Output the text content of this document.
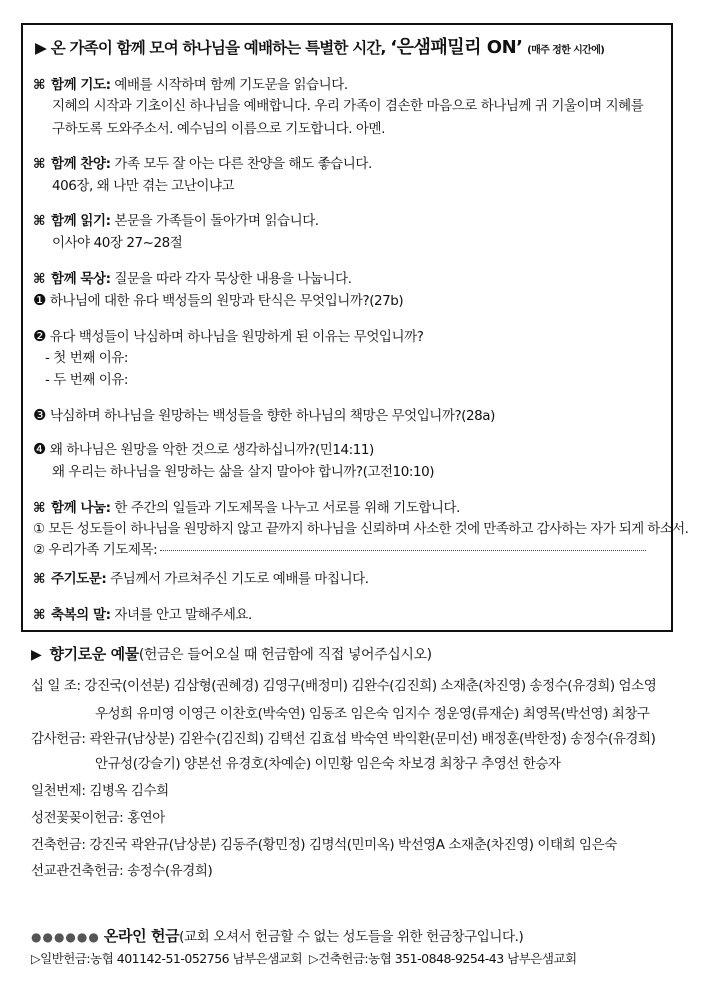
▶ 온 가족이 함께 모여 하나님을 예배하는 특별한 시간, ‘은샘패밀리 ON’ (매주 정한 시간에)
⌘ 함께 기도: 예배를 시작하며 함께 기도문을 읽습니다.
지혜의 시작과 기초이신 하나님을 예배합니다. 우리 가족이 겸손한 마음으로 하나님께 귀 기울이며 지혜를
구하도록 도와주소서. 예수님의 이름으로 기도합니다. 아멘.
⌘ 함께 찬양: 가족 모두 잘 아는 다른 찬양을 해도 좋습니다.
406장, 왜 나만 겪는 고난이냐고
⌘ 함께 읽기: 본문을 가족들이 돌아가며 읽습니다.
이사야 40장 27~28절
⌘ 함께 묵상: 질문을 따라 각자 묵상한 내용을 나눕니다.
❶ 하나님에 대한 유다 백성들의 원망과 탄식은 무엇입니까?(27b)
❷ 유다 백성들이 낙심하며 하나님을 원망하게 된 이유는 무엇입니까?
- 첫 번째 이유:
- 두 번째 이유:
❸ 낙심하며 하나님을 원망하는 백성들을 향한 하나님의 책망은 무엇입니까?(28a)
❹ 왜 하나님은 원망을 악한 것으로 생각하십니까?(민14:11)
왜 우리는 하나님을 원망하는 삶을 살지 말아야 합니까?(고전10:10)
⌘ 함께 나눔: 한 주간의 일들과 기도제목을 나누고 서로를 위해 기도합니다.
① 모든 성도들이 하나님을 원망하지 않고 끝까지 하나님을 신뢰하며 사소한 것에 만족하고 감사하는 자가 되게 하소서.
② 우리가족 기도제목:
⌘ 주기도문: 주님께서 가르쳐주신 기도로 예배를 마칩니다.
⌘ 축복의 말: 자녀를 안고 말해주세요.
▶ 향기로운 예물(헌금은 들어오실 때 헌금함에 직접 넣어주십시오)
십 일 조: 강진국(이선분) 김삼형(권혜경) 김영구(배정미) 김완수(김진희) 소재춘(차진영) 송정수(유경희) 엄소영
우성희 유미영 이영근 이찬호(박숙연) 임동조 임은숙 임지수 정운영(류재순) 최영목(박선영) 최창구
감사헌금: 곽완규(남상분) 김완수(김진희) 김택선 김효섭 박숙연 박익환(문미선) 배정훈(박한정) 송정수(유경희)
안규성(강슬기) 양본선 유경호(차예순) 이민황 임은숙 차보경 최창구 추영선 한승자
일천번제: 김병옥 김수희
성전꽃꽂이헌금: 홍연아
건축헌금: 강진국 곽완규(남상분) 김동주(황민정) 김명석(민미옥) 박선영A 소재춘(차진영) 이태희 임은숙
선교관건축헌금: 송정수(유경희)
●●●●●● 온라인 헌금(교회 오셔서 헌금할 수 없는 성도들을 위한 헌금창구입니다.)
▷일반헌금:농협 401142-51-052756 남부은샘교회 ▷건축헌금:농협 351-0848-9254-43 남부은샘교회
